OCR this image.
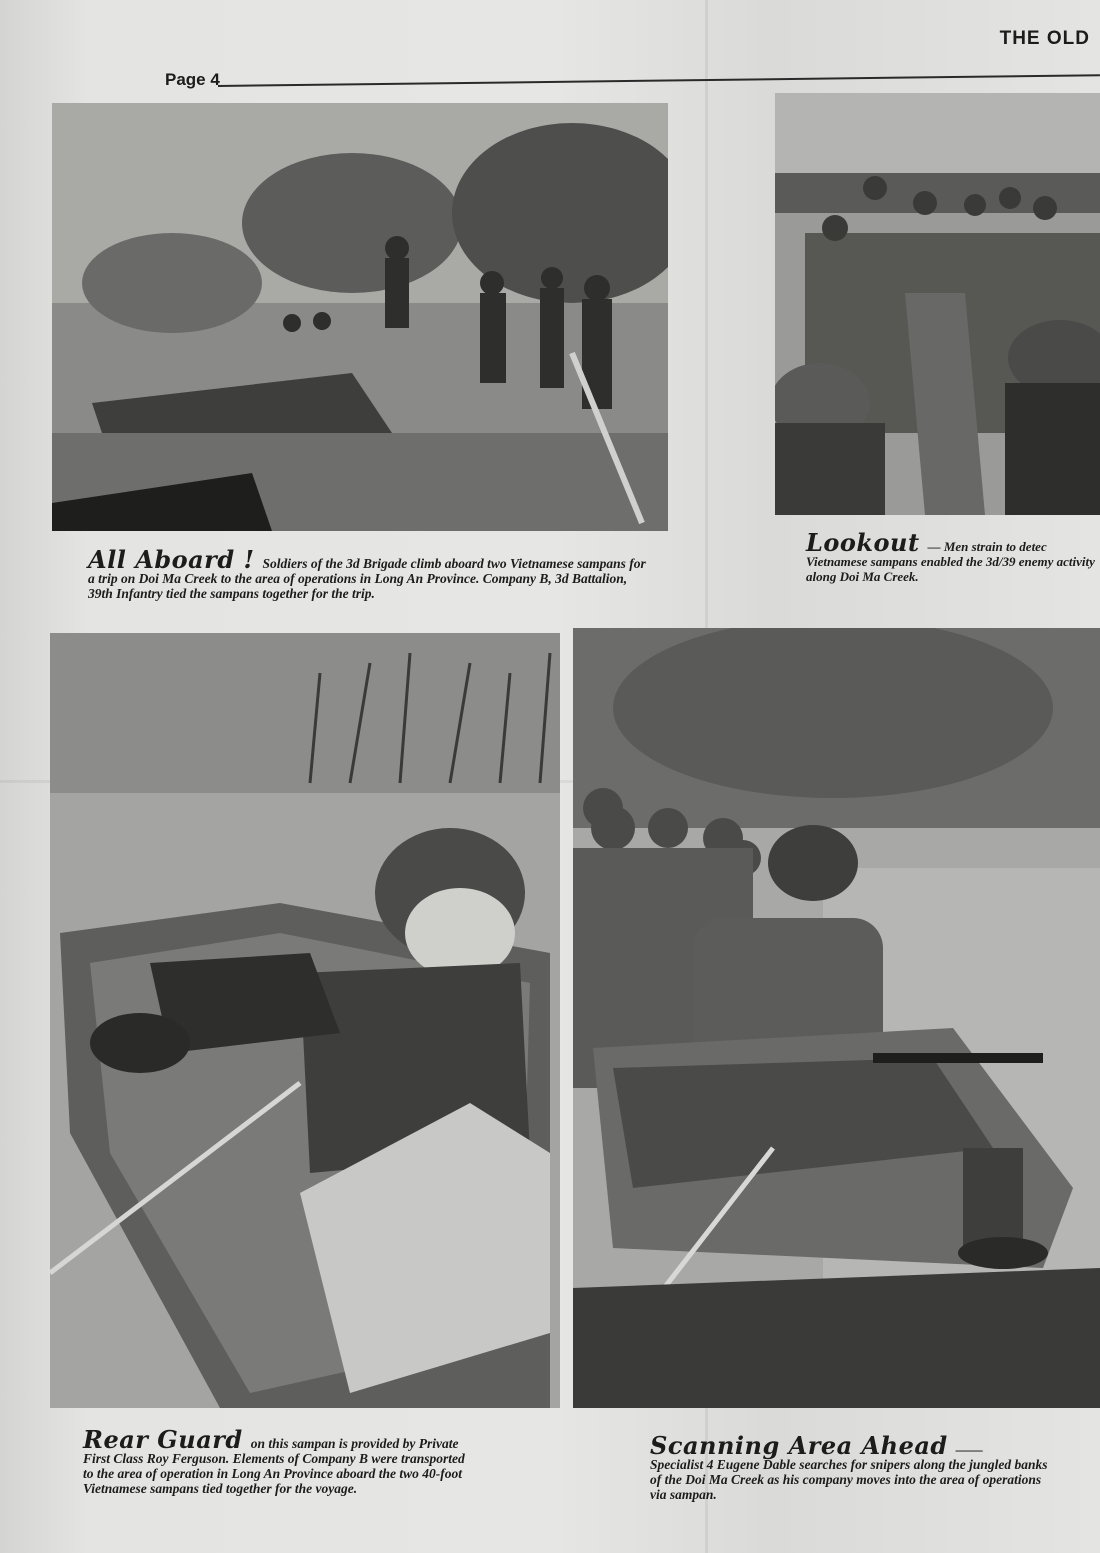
THE OLD
Page 4
All Aboard ! Soldiers of the 3d Brigade climb aboard two Vietnamese sampans for a trip on Doi Ma Creek to the area of operations in Long An Province. Company B, 3d Battalion, 39th Infantry tied the sampans together for the trip.
Lookout — Men strain to detec Vietnamese sampans enabled the 3d/39 enemy activity along Doi Ma Creek.
Rear Guard on this sampan is provided by Private First Class Roy Ferguson. Elements of Company B were transported to the area of operation in Long An Province aboard the two 40-foot Vietnamese sampans tied together for the voyage.
Scanning Area Ahead ——
Specialist 4 Eugene Dable searches for snipers along the jungled banks of the Doi Ma Creek as his company moves into the area of operations via sampan.
